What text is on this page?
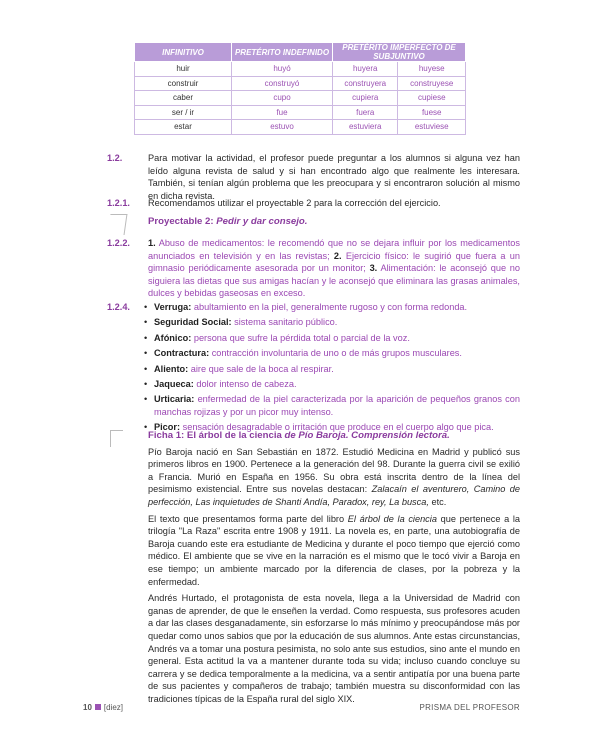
INFINITIVO	PRETÉRITO INDEFINIDO	PRETÉRITO IMPERFECTO DE SUBJUNTIVO	
huir	huyó	huyera	huyese
construir	construyó	construyera	construyese
caber	cupo	cupiera	cupiese
ser / ir	fue	fuera	fuese
estar	estuvo	estuviera	estuviese
1.2.	Para motivar la actividad, el profesor puede preguntar a los alumnos si alguna vez han leído alguna revista de salud y si han encontrado algo que realmente les interesara. También, si tenían algún problema que les preocupara y si encontraron solución al mismo en dicha revista.
1.2.1. Recomendamos utilizar el proyectable 2 para la corrección del ejercicio.
Proyectable 2: Pedir y dar consejo.
1.2.2. 1. Abuso de medicamentos: le recomendó que no se dejara influir por los medicamentos anunciados en televisión y en las revistas; 2. Ejercicio físico: le sugirió que fuera a un gimnasio periódicamente asesorada por un monitor; 3. Alimentación: le aconsejó que no siguiera las dietas que sus amigas hacían y le aconsejó que eliminara las grasas animales, dulces y bebidas gaseosas en exceso.
1.2.4.	• Verruga: abultamiento en la piel, generalmente rugoso y con forma redonda.
• Seguridad Social: sistema sanitario público.
• Afónico: persona que sufre la pérdida total o parcial de la voz.
• Contractura: contracción involuntaria de uno o de más grupos musculares.
• Aliento: aire que sale de la boca al respirar.
• Jaqueca: dolor intenso de cabeza.
• Urticaria: enfermedad de la piel caracterizada por la aparición de pequeños granos con manchas rojizas y por un picor muy intenso.
• Picor: sensación desagradable o irritación que produce en el cuerpo algo que pica.
Ficha 1: El árbol de la ciencia de Pío Baroja. Comprensión lectora.

Pío Baroja nació en San Sebastián en 1872. Estudió Medicina en Madrid y publicó sus primeros libros en 1900. Pertenece a la generación del 98. Durante la guerra civil se exilió a Francia. Murió en España en 1956. Su obra está inscrita dentro de la línea del pesimismo existencial. Entre sus novelas destacan: Zalacaín el aventurero, Camino de perfección, Las inquietudes de Shanti Andía, Paradox, rey, La busca, etc.

El texto que presentamos forma parte del libro El árbol de la ciencia que pertenece a la trilogía "La Raza" escrita entre 1908 y 1911. La novela es, en parte, una autobiografía de Baroja cuando este era estudiante de Medicina y durante el poco tiempo que ejerció como médico. El ambiente que se vive en la narración es el mismo que le tocó vivir a Baroja en ese tiempo; un ambiente marcado por la diferencia de clases, por la pobreza y la enfermedad.

Andrés Hurtado, el protagonista de esta novela, llega a la Universidad de Madrid con ganas de aprender, de que le enseñen la verdad. Como respuesta, sus profesores acuden a dar las clases desganadamente, sin esforzarse lo más mínimo y preocupándose más por quedar como unos sabios que por la educación de sus alumnos. Ante estas circunstancias, Andrés va a tomar una postura pesimista, no solo ante sus estudios, sino ante el mundo en general. Esta actitud la va a mantener durante toda su vida; incluso cuando concluye su carrera y se dedica temporalmente a la medicina, va a sentir antipatía por una buena parte de sus pacientes y compañeros de trabajo; también muestra su disconformidad con las tradiciones típicas de la España rural del siglo XIX.

10 [diez]	PRISMA DEL PROFESOR
